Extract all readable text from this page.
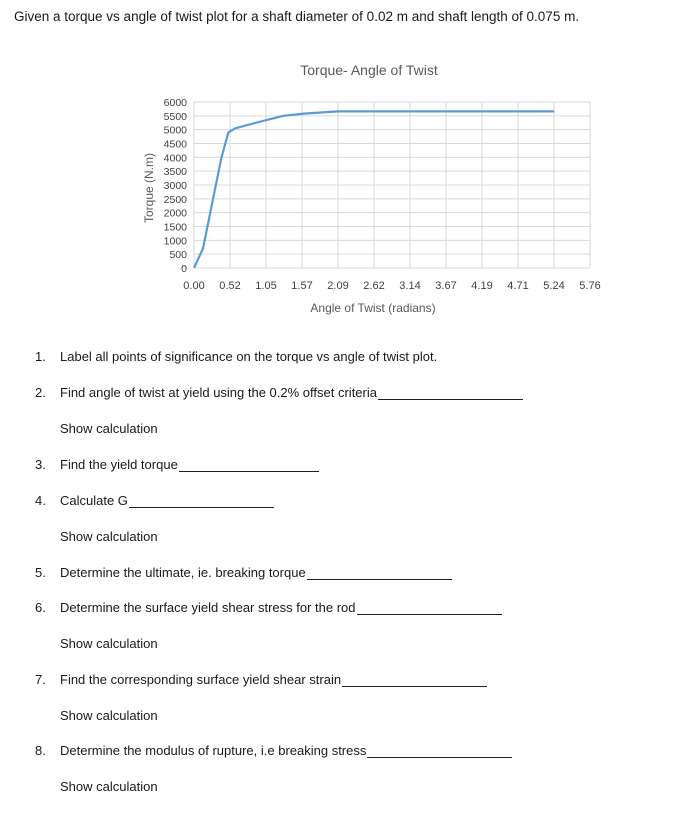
Given a torque vs angle of twist plot for a shaft diameter of 0.02 m and shaft length of 0.075 m.
0.00 0.52 1.05 1.57 2.09 2.62 3.14 3.67 4.19 4.71 5.24 5.76
0
500
1000
1500
2000
2500
3000
3500
4000
4500
5000
5500
6000
Torque- Angle of Twist
Angle of Twist (radians)
Torque (N.m)
1.	Label all points of significance on the torque vs angle of twist plot.
2.	Find angle of twist at yield using the 0.2% offset criteria
Show calculation
3.	Find the yield torque
4.	Calculate G
Show calculation
5.	Determine the ultimate, ie. breaking torque
6.	Determine the surface yield shear stress for the rod
Show calculation
7.	Find the corresponding surface yield shear strain
Show calculation
8.	Determine the modulus of rupture, i.e breaking stress
Show calculation
